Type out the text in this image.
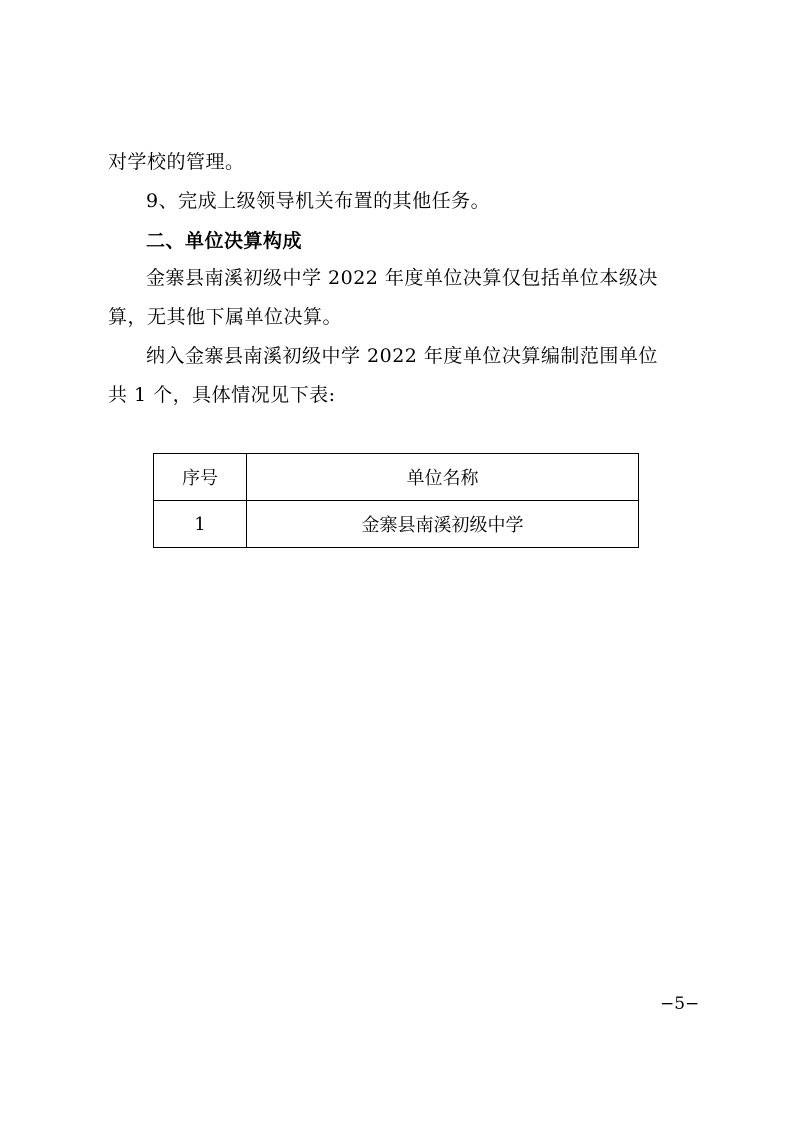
对学校的管理。
9、完成上级领导机关布置的其他任务。
二、单位决算构成
金寨县南溪初级中学 2022 年度单位决算仅包括单位本级决
算，无其他下属单位决算。
纳入金寨县南溪初级中学 2022 年度单位决算编制范围单位
共 1 个，具体情况见下表:
序号	单位名称
1	金寨县南溪初级中学
−5−
